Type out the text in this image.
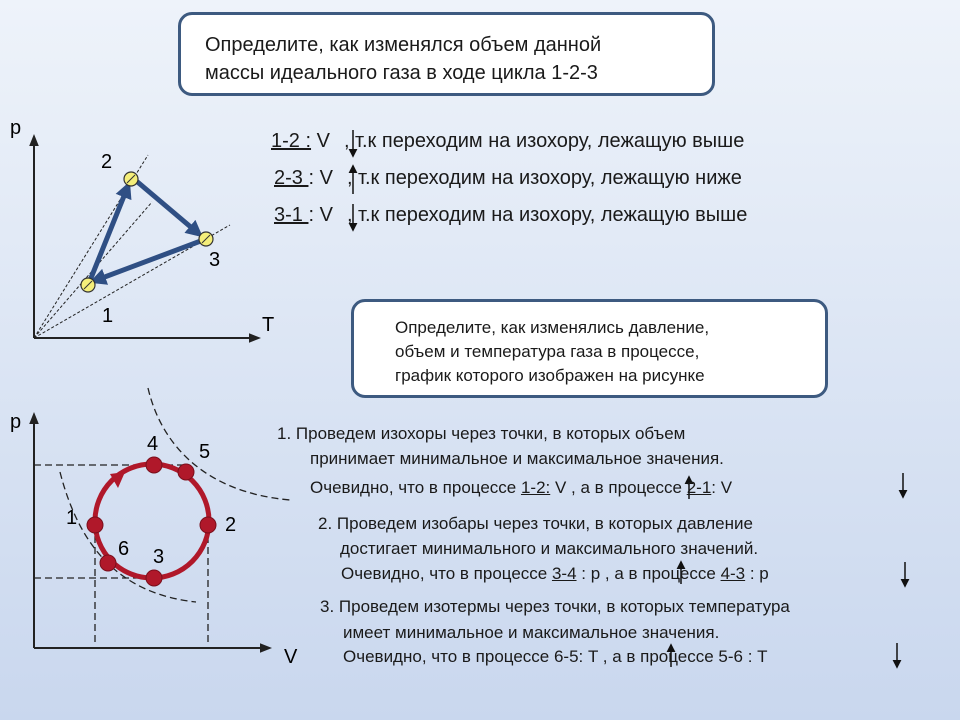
Определите, как изменялся объем данной
массы идеального газа в ходе цикла 1-2-3
Определите, как изменялись давление,
объем и температура газа в процессе,
график которого изображен на рисунке
p
T
1
2
3
p
V
1	2
3
4 5
6
1-2 : V , т.к переходим на изохору, лежащую выше
2-3 : V , т.к переходим на изохору, лежащую ниже
3-1 : V , т.к переходим на изохору, лежащую выше
1. Проведем изохоры через точки, в которых объем
принимает минимальное и максимальное значения.
Очевидно, что в процессе 1-2: V , а в процессе 2-1: V
2. Проведем изобары через точки, в которых давление
достигает минимального и максимального значений.
Очевидно, что в процессе 3-4 : p , а в процессе 4-3 : p
3. Проведем изотермы через точки, в которых температура
имеет минимальное и максимальное значения.
Очевидно, что в процессе 6-5: T , а в процессе 5-6 : T
